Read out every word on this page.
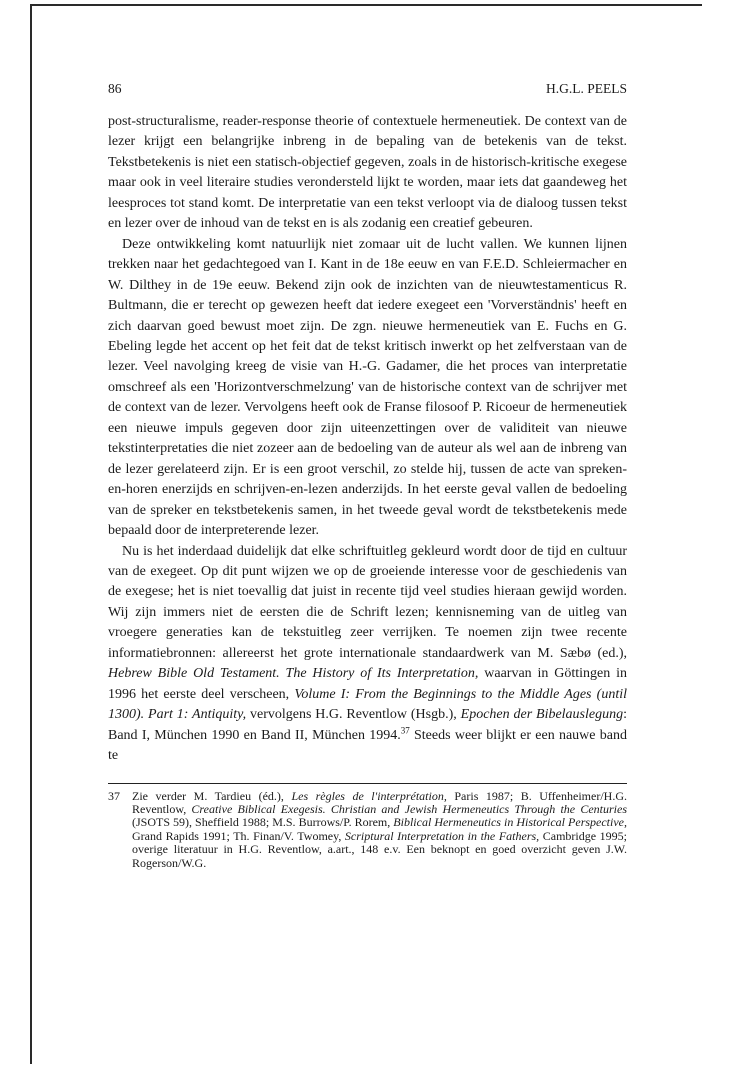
86	H.G.L. PEELS

post-structuralisme, reader-response theorie of contextuele hermeneutiek. De context van de lezer krijgt een belangrijke inbreng in de bepaling van de betekenis van de tekst. Tekstbetekenis is niet een statisch-objectief gegeven, zoals in de historisch-kritische exegese maar ook in veel literaire studies verondersteld lijkt te worden, maar iets dat gaandeweg het leesproces tot stand komt. De interpretatie van een tekst verloopt via de dialoog tussen tekst en lezer over de inhoud van de tekst en is als zodanig een creatief gebeuren.

Deze ontwikkeling komt natuurlijk niet zomaar uit de lucht vallen. We kunnen lijnen trekken naar het gedachtegoed van I. Kant in de 18e eeuw en van F.E.D. Schleiermacher en W. Dilthey in de 19e eeuw. Bekend zijn ook de inzichten van de nieuwtestamenticus R. Bultmann, die er terecht op gewezen heeft dat iedere exegeet een 'Vorverständnis' heeft en zich daarvan goed bewust moet zijn. De zgn. nieuwe hermeneutiek van E. Fuchs en G. Ebeling legde het accent op het feit dat de tekst kritisch inwerkt op het zelfverstaan van de lezer. Veel navolging kreeg de visie van H.-G. Gadamer, die het proces van interpretatie omschreef als een 'Horizontverschmelzung' van de historische context van de schrijver met de context van de lezer. Vervolgens heeft ook de Franse filosoof P. Ricoeur de hermeneutiek een nieuwe impuls gegeven door zijn uiteenzettingen over de validiteit van nieuwe tekstinterpretaties die niet zozeer aan de bedoeling van de auteur als wel aan de inbreng van de lezer gerelateerd zijn. Er is een groot verschil, zo stelde hij, tussen de acte van spreken-en-horen enerzijds en schrijven-en-lezen anderzijds. In het eerste geval vallen de bedoeling van de spreker en tekstbetekenis samen, in het tweede geval wordt de tekstbetekenis mede bepaald door de interpreterende lezer.

Nu is het inderdaad duidelijk dat elke schriftuitleg gekleurd wordt door de tijd en cultuur van de exegeet. Op dit punt wijzen we op de groeiende interesse voor de geschiedenis van de exegese; het is niet toevallig dat juist in recente tijd veel studies hieraan gewijd worden. Wij zijn immers niet de eersten die de Schrift lezen; kennisneming van de uitleg van vroegere generaties kan de tekstuitleg zeer verrijken. Te noemen zijn twee recente informatiebronnen: allereerst het grote internationale standaardwerk van M. Sæbø (ed.), Hebrew Bible Old Testament. The History of Its Interpretation, waarvan in Göttingen in 1996 het eerste deel verscheen, Volume I: From the Beginnings to the Middle Ages (until 1300). Part 1: Antiquity, vervolgens H.G. Reventlow (Hsgb.), Epochen der Bibelauslegung: Band I, München 1990 en Band II, München 1994.37 Steeds weer blijkt er een nauwe band te

37	Zie verder M. Tardieu (éd.), Les règles de l'interprétation, Paris 1987; B. Uffenheimer/H.G. Reventlow, Creative Biblical Exegesis. Christian and Jewish Hermeneutics Through the Centuries (JSOTS 59), Sheffield 1988; M.S. Burrows/P. Rorem, Biblical Hermeneutics in Historical Perspective, Grand Rapids 1991; Th. Finan/V. Twomey, Scriptural Interpretation in the Fathers, Cambridge 1995; overige literatuur in H.G. Reventlow, a.art., 148 e.v. Een beknopt en goed overzicht geven J.W. Rogerson/W.G.
